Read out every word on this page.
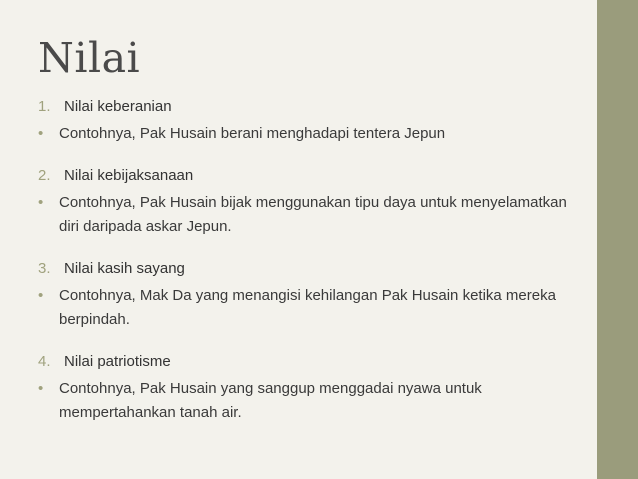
Nilai
1. Nilai keberanian
•	Contohnya, Pak Husain berani menghadapi tentera Jepun
2. Nilai kebijaksanaan
•	Contohnya, Pak Husain bijak menggunakan tipu daya untuk menyelamatkan diri daripada askar Jepun.
3. Nilai kasih sayang
•	Contohnya, Mak Da yang menangisi kehilangan Pak Husain ketika mereka berpindah.
4. Nilai patriotisme
•	Contohnya, Pak Husain yang sanggup menggadai nyawa untuk mempertahankan tanah air.
